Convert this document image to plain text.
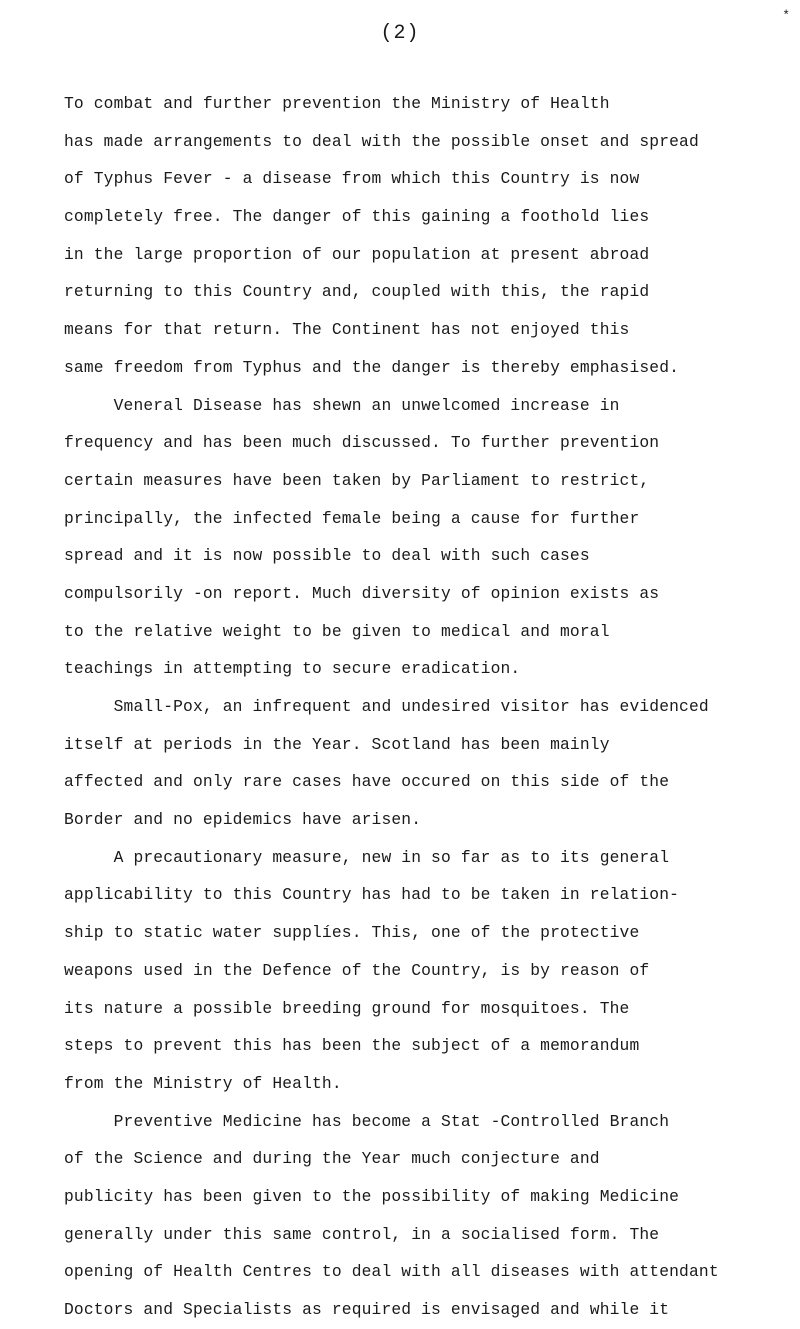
(2)
*
To combat and further prevention the Ministry of Health
has made arrangements to deal with the possible onset and spread
of Typhus Fever - a disease from which this Country is now
completely free. The danger of this gaining a foothold lies
in the large proportion of our population at present abroad
returning to this Country and, coupled with this, the rapid
means for that return. The Continent has not enjoyed this
same freedom from Typhus and the danger is thereby emphasised.
Veneral Disease has shewn an unwelcomed increase in
frequency and has been much discussed. To further prevention
certain measures have been taken by Parliament to restrict,
principally, the infected female being a cause for further
spread and it is now possible to deal with such cases
compulsorily -on report. Much diversity of opinion exists as
to the relative weight to be given to medical and moral
teachings in attempting to secure eradication.
Small-Pox, an infrequent and undesired visitor has evidenced
itself at periods in the Year. Scotland has been mainly
affected and only rare cases have occured on this side of the
Border and no epidemics have arisen.
A precautionary measure, new in so far as to its general
applicability to this Country has had to be taken in relation-
ship to static water supplíes. This, one of the protective
weapons used in the Defence of the Country, is by reason of
its nature a possible breeding ground for mosquitoes. The
steps to prevent this has been the subject of a memorandum
from the Ministry of Health.
Preventive Medicine has become a Stat -Controlled Branch
of the Science and during the Year much conjecture and
publicity has been given to the possibility of making Medicine
generally under this same control, in a socialised form. The
opening of Health Centres to deal with all diseases with attendant
Doctors and Specialists as required is envisaged and while it
